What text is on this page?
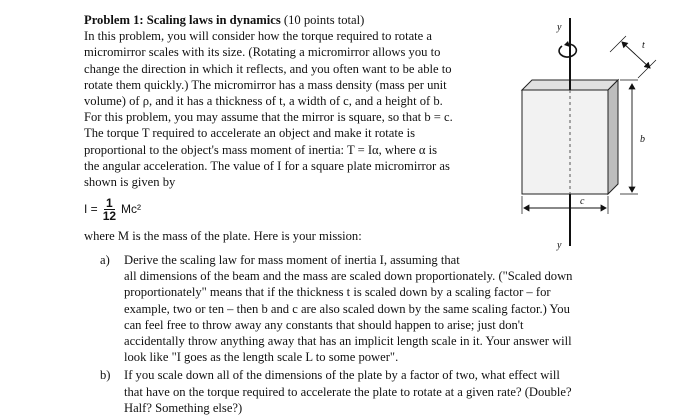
Problem 1: Scaling laws in dynamics (10 points total)
In this problem, you will consider how the torque required to rotate a
micromirror scales with its size. (Rotating a micromirror allows you to
change the direction in which it reflects, and you often want to be able to
rotate them quickly.) The micromirror has a mass density (mass per unit
volume) of ρ, and it has a thickness of t, a width of c, and a height of b.
For this problem, you may assume that the mirror is square, so that b = c.
The torque T required to accelerate an object and make it rotate is
proportional to the object's mass moment of inertia: T = Iα, where α is
the angular acceleration. The value of I for a square plate micromirror as
shown is given by
$I = \frac{1}{12} Mc^2$
where M is the mass of the plate. Here is your mission:
a)	Derive the scaling law for mass moment of inertia I, assuming that
all dimensions of the beam and the mass are scaled down proportionately. ("Scaled down
proportionately" means that if the thickness t is scaled down by a scaling factor – for
example, two or ten – then b and c are also scaled down by the same scaling factor.) You
can feel free to throw away any constants that should happen to arise; just don't
accidentally throw anything away that has an implicit length scale in it. Your answer will
look like "I goes as the length scale L to some power".
b)	If you scale down all of the dimensions of the plate by a factor of two, what effect will
that have on the torque required to accelerate the plate to rotate at a given rate? (Double?
Half? Something else?)
y
y
b
c
t
